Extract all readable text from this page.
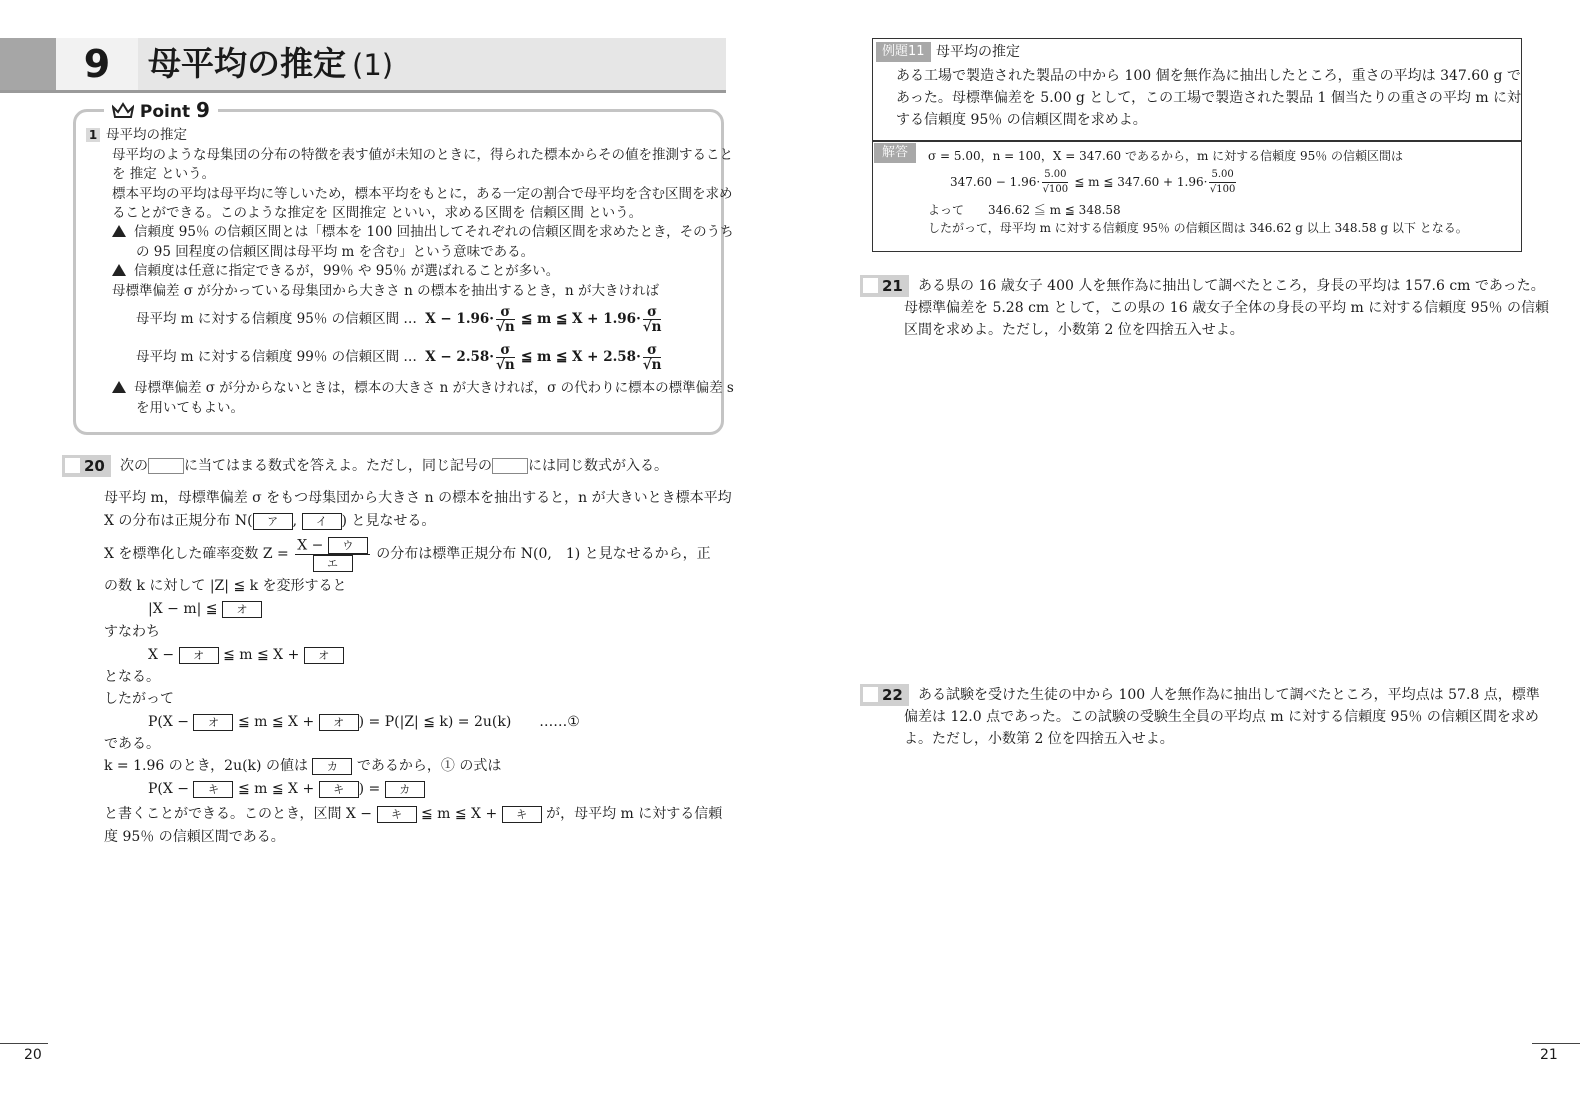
9	母平均の推定 (1)
Point 9
1 母平均の推定
母平均のような母集団の分布の特徴を表す値が未知のときに，得られた標本からその値を推測すること
を 推定 という。
標本平均の平均は母平均に等しいため，標本平均をもとに，ある一定の割合で母平均を含む区間を求め
ることができる。このような推定を 区間推定 といい，求める区間を 信頼区間 という。
信頼度 95％ の信頼区間とは「標本を 100 回抽出してそれぞれの信頼区間を求めたとき，そのうち
の 95 回程度の信頼区間は母平均 m を含む」という意味である。
信頼度は任意に指定できるが，99％ や 95％ が選ばれることが多い。
母標準偏差 σ が分かっている母集団から大きさ n の標本を抽出するとき，n が大きければ
母平均 m に対する信頼度 95％ の信頼区間 … $X - 1.96\cdot \frac{\sigma}{√n}$ ≦ m ≦ $X + 1.96\cdot \frac{\sigma}{√n}$
母平均 m に対する信頼度 99％ の信頼区間 … $X - 2.58\cdot \frac{\sigma}{√n}$ ≦ m ≦ $X + 2.58\cdot \frac{\sigma}{√n}$
母標準偏差 σ が分からないときは，標本の大きさ n が大きければ，σ の代わりに標本の標準偏差 s
を用いてもよい。
20	次の	に当てはまる数式を答えよ。ただし，同じ記号の	には同じ数式が入る。
母平均 m，母標準偏差 σ をもつ母集団から大きさ n の標本を抽出すると，n が大きいとき標本平均
X の分布は正規分布 N( ア , イ ) と見なせる。
X を標準化した確率変数 $Z = \frac{\text{X − ウ}}{\text{エ}}$ の分布は標準正規分布 N(0,　1) と見なせるから，正
の数 k に対して |Z| ≦ k を変形すると
|X − m| ≦ オ
すなわち
X − オ ≦ m ≦ X + オ
となる。
したがって
P(X − オ ≦ m ≦ X + オ ) = P(|Z| ≦ k) = 2u(k)　　……①
である。
k = 1.96 のとき，2u(k) の値は カ であるから，① の式は
P(X − キ ≦ m ≦ X + キ ) = カ
と書くことができる。このとき，区間 X − キ ≦ m ≦ X + キ が，母平均 m に対する信頼
度 95％ の信頼区間である。
20
例題11 母平均の推定
ある工場で製造された製品の中から 100 個を無作為に抽出したところ，重さの平均は 347.60 g で
あった。母標準偏差を 5.00 g として，この工場で製造された製品 1 個当たりの重さの平均 m に対
する信頼度 95％ の信頼区間を求めよ。
解答	σ = 5.00，n = 100，X = 347.60 であるから，m に対する信頼度 95％ の信頼区間は
$347.60 - 1.96\cdot \frac{5.00}{√100}$ ≦ m ≦ $347.60 + 1.96\cdot \frac{5.00}{√100}$
よって　　346.62 ≦ m ≦ 348.58
したがって，母平均 m に対する信頼度 95％ の信頼区間は 346.62 g 以上 348.58 g 以下 となる。
21	ある県の 16 歳女子 400 人を無作為に抽出して調べたところ，身長の平均は 157.6 cm であった。
母標準偏差を 5.28 cm として，この県の 16 歳女子全体の身長の平均 m に対する信頼度 95％ の信頼
区間を求めよ。ただし，小数第 2 位を四捨五入せよ。
22	ある試験を受けた生徒の中から 100 人を無作為に抽出して調べたところ，平均点は 57.8 点，標準
偏差は 12.0 点であった。この試験の受験生全員の平均点 m に対する信頼度 95％ の信頼区間を求め
よ。ただし，小数第 2 位を四捨五入せよ。
21
